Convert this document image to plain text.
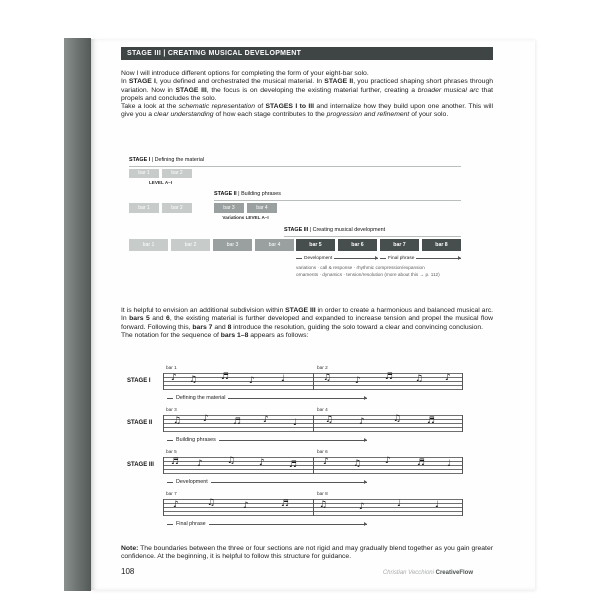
STAGE III | CREATING MUSICAL DEVELOPMENT
Now I will introduce different options for completing the form of your eight-bar solo.
In STAGE I, you defined and orchestrated the musical material. In STAGE II, you practiced shaping short phrases through variation. Now in STAGE III, the focus is on developing the existing material further, creating a broader musical arc that propels and concludes the solo.
Take a look at the schematic representation of STAGES I to III and internalize how they build upon one another. This will give you a clear understanding of how each stage contributes to the progression and refinement of your solo.
STAGE I | Defining the material
bar 1	bar 2
LEVEL A–I
STAGE II | Building phrases
bar 1	bar 2	bar 3	bar 4
Variations LEVEL A–I
STAGE III | Creating musical development
bar 1	bar 2	bar 3	bar 4	bar 5	bar 6	bar 7	bar 8
Development	Final phrase
variations · call & response · rhythmic compression/expansion
ornaments · dynamics · tension/resolution (more about this → p. 112)
It is helpful to envision an additional subdivision within STAGE III in order to create a harmonious and balanced musical arc. In bars 5 and 6, the existing material is further developed and expanded to increase tension and propel the musical flow forward. Following this, bars 7 and 8 introduce the resolution, guiding the solo toward a clear and convincing conclusion.
The notation for the sequence of bars 1–8 appears as follows:
STAGE I
bar 1	bar 2
♪ ♫	♬ ♪	♩	♫	♪	♬ ♫ ♪
Defining the material
STAGE II
bar 3	bar 4
♫ ♪	♬ ♪	♩	♫	♪	♫	♬
Building phrases
STAGE III
bar 5	bar 6
♬ ♪	♫	♪	♬	♪	♫	♪	♬ ♩
Development
bar 7	bar 8
♪	♫	♪	♬	♫	♪	♩	♩
Final phrase
Note: The boundaries between the three or four sections are not rigid and may gradually blend together as you gain greater confidence. At the beginning, it is helpful to follow this structure for guidance.
108	Christian Vecchioni CreativeFlow
